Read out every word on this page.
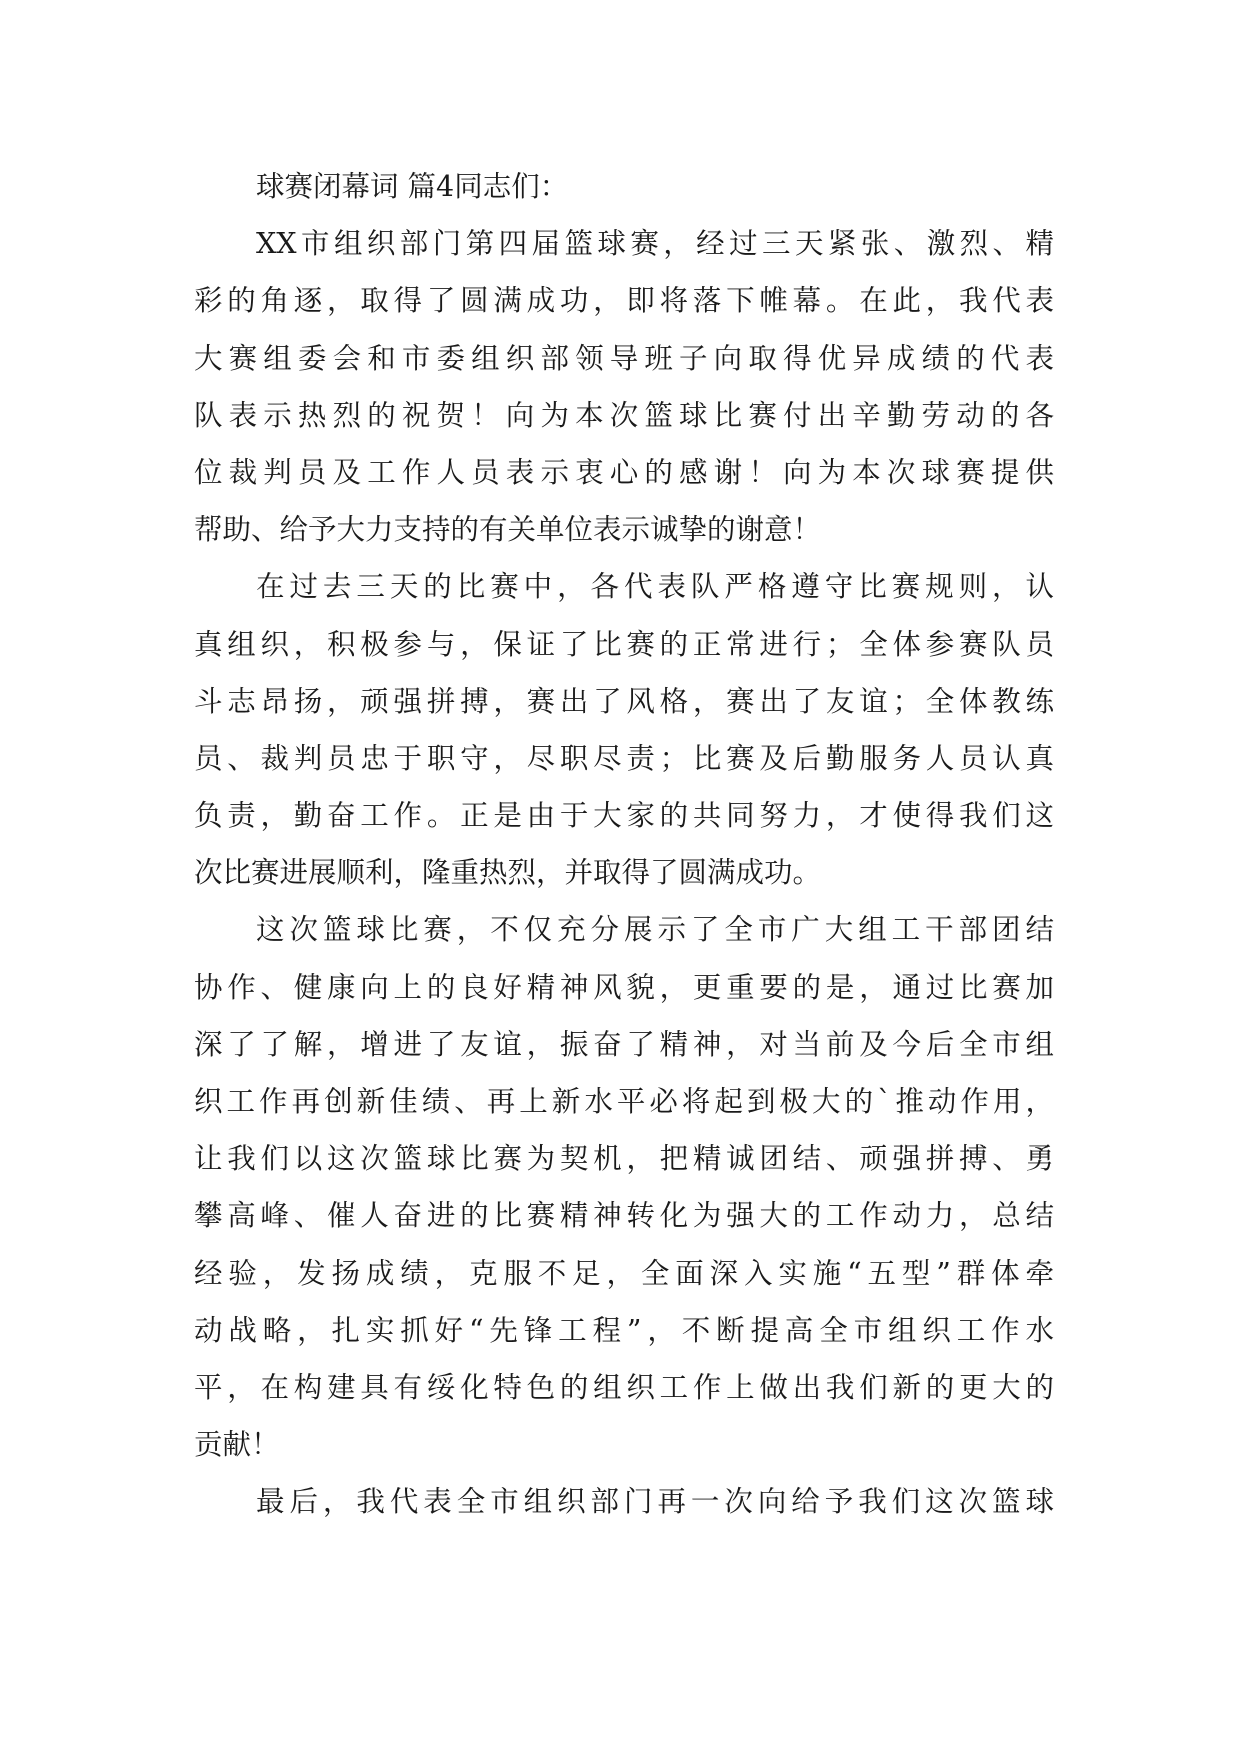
球赛闭幕词 篇4同志们：
XX市组织部门第四届篮球赛，经过三天紧张、激烈、精
彩的角逐，取得了圆满成功，即将落下帷幕。在此，我代表
大赛组委会和市委组织部领导班子向取得优异成绩的代表
队表示热烈的祝贺！向为本次篮球比赛付出辛勤劳动的各
位裁判员及工作人员表示衷心的感谢！向为本次球赛提供
帮助、给予大力支持的有关单位表示诚挚的谢意！
在过去三天的比赛中，各代表队严格遵守比赛规则，认
真组织，积极参与，保证了比赛的正常进行；全体参赛队员
斗志昂扬，顽强拼搏，赛出了风格，赛出了友谊；全体教练
员、裁判员忠于职守，尽职尽责；比赛及后勤服务人员认真
负责，勤奋工作。正是由于大家的共同努力，才使得我们这
次比赛进展顺利，隆重热烈，并取得了圆满成功。
这次篮球比赛，不仅充分展示了全市广大组工干部团结
协作、健康向上的良好精神风貌，更重要的是，通过比赛加
深了了解，增进了友谊，振奋了精神，对当前及今后全市组
织工作再创新佳绩、再上新水平必将起到极大的`推动作用，
让我们以这次篮球比赛为契机，把精诚团结、顽强拼搏、勇
攀高峰、催人奋进的比赛精神转化为强大的工作动力，总结
经验，发扬成绩，克服不足，全面深入实施“五型”群体牵
动战略，扎实抓好“先锋工程”，不断提高全市组织工作水
平，在构建具有绥化特色的组织工作上做出我们新的更大的
贡献！
最后，我代表全市组织部门再一次向给予我们这次篮球
